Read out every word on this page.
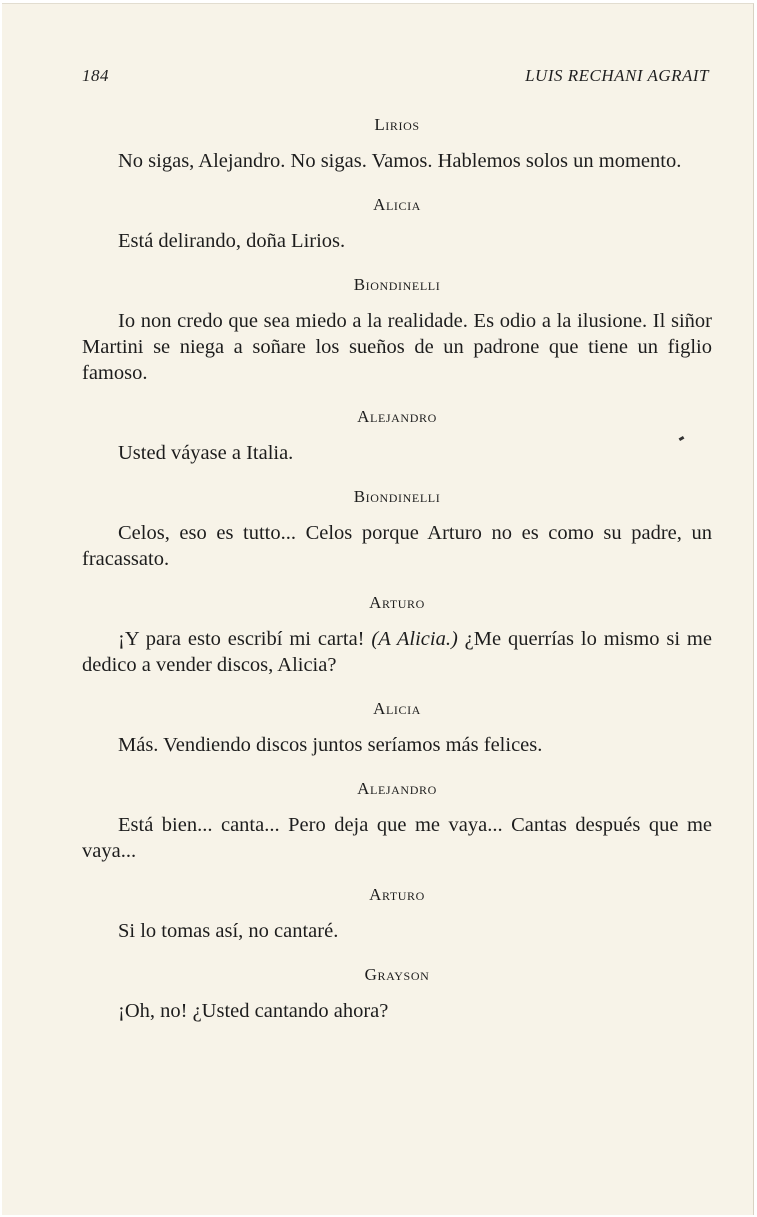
184	LUIS RECHANI AGRAIT
Lirios

No sigas, Alejandro. No sigas. Vamos. Hablemos solos un momento.

Alicia

Está delirando, doña Lirios.

Biondinelli

Io non credo que sea miedo a la realidade. Es odio a la ilusione. Il siñor Martini se niega a soñare los sueños de un padrone que tiene un figlio famoso.

Alejandro

Usted váyase a Italia.

Biondinelli

Celos, eso es tutto... Celos porque Arturo no es como su padre, un fracassato.

Arturo

¡Y para esto escribí mi carta! (A Alicia.) ¿Me querrías lo mismo si me dedico a vender discos, Alicia?

Alicia

Más. Vendiendo discos juntos seríamos más felices.

Alejandro

Está bien... canta... Pero deja que me vaya... Cantas después que me vaya...

Arturo

Si lo tomas así, no cantaré.

Grayson

¡Oh, no! ¿Usted cantando ahora?
